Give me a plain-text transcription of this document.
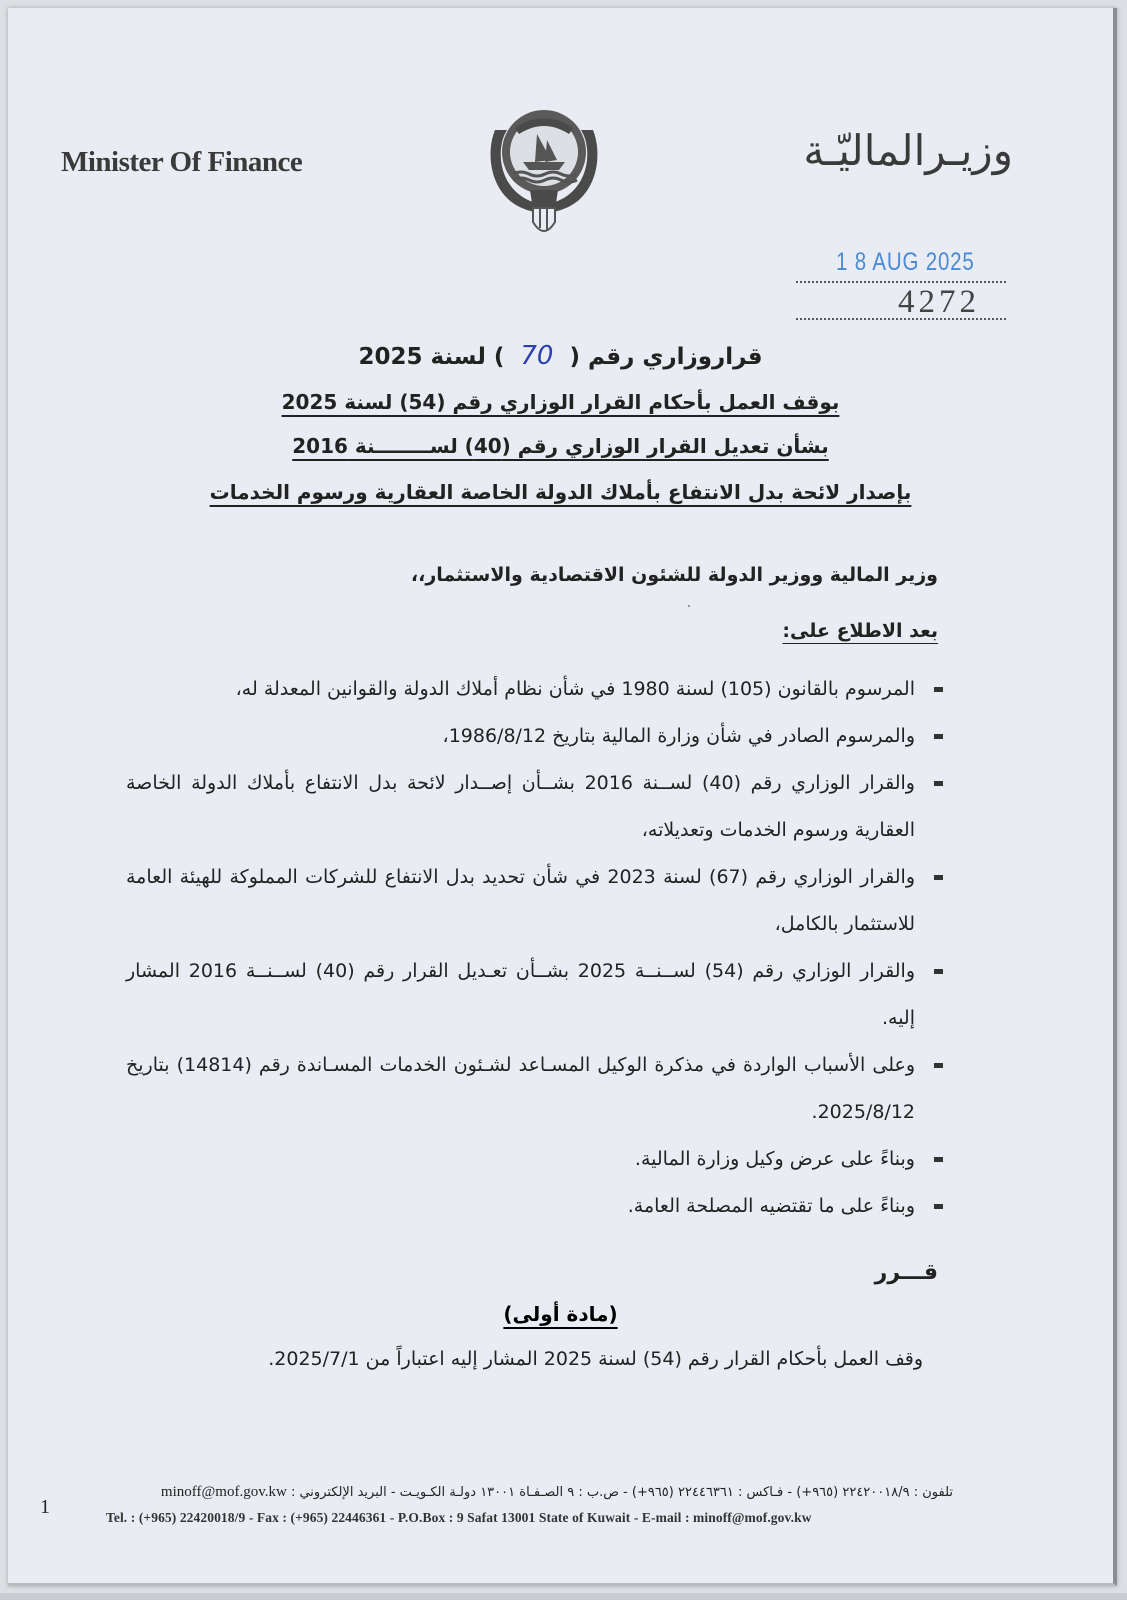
Minister Of Finance	وزيـرالماليّـة
1 8 AUG 2025
4272
قراروزاري رقم (70) لسنة 2025
بوقف العمل بأحكام القرار الوزاري رقم (54) لسنة 2025
بشأن تعديل القرار الوزاري رقم (40) لســــــــنة 2016
بإصدار لائحة بدل الانتفاع بأملاك الدولة الخاصة العقارية ورسوم الخدمات
وزير المالية ووزير الدولة للشئون الاقتصادية والاستثمار،،
بعد الاطلاع على:
المرسوم بالقانون (105) لسنة 1980 في شأن نظام أملاك الدولة والقوانين المعدلة له،
والمرسوم الصادر في شأن وزارة المالية بتاريخ 1986/8/12،
والقرار الوزاري رقم (40) لســنة 2016 بشــأن إصــدار لائحة بدل الانتفاع بأملاك الدولة الخاصة العقارية ورسوم الخدمات وتعديلاته،
والقرار الوزاري رقم (67) لسنة 2023 في شأن تحديد بدل الانتفاع للشركات المملوكة للهيئة العامة للاستثمار بالكامل،
والقرار الوزاري رقم (54) لســنــة 2025 بشــأن تعـديل القرار رقم (40) لســنــة 2016 المشار إليه.
وعلى الأسباب الواردة في مذكرة الوكيل المسـاعد لشـئون الخدمات المسـاندة رقم (14814) بتاريخ 2025/8/12.
وبناءً على عرض وكيل وزارة المالية.
وبناءً على ما تقتضيه المصلحة العامة.
قـــرر
(مادة أولى)
وقف العمل بأحكام القرار رقم (54) لسنة 2025 المشار إليه اعتباراً من 2025/7/1.
1
تلفون : ٢٢٤٢٠٠١٨/٩ (٩٦٥+) - فـاكس : ٢٢٤٤٦٣٦١ (٩٦٥+) - ص.ب : ٩ الصـفـاة ١٣٠٠١ دولـة الكـويـت - البريد الإلكتروني : minoff@mof.gov.kw
Tel. : (+965) 22420018/9 - Fax : (+965) 22446361 - P.O.Box : 9 Safat 13001 State of Kuwait - E-mail : minoff@mof.gov.kw
